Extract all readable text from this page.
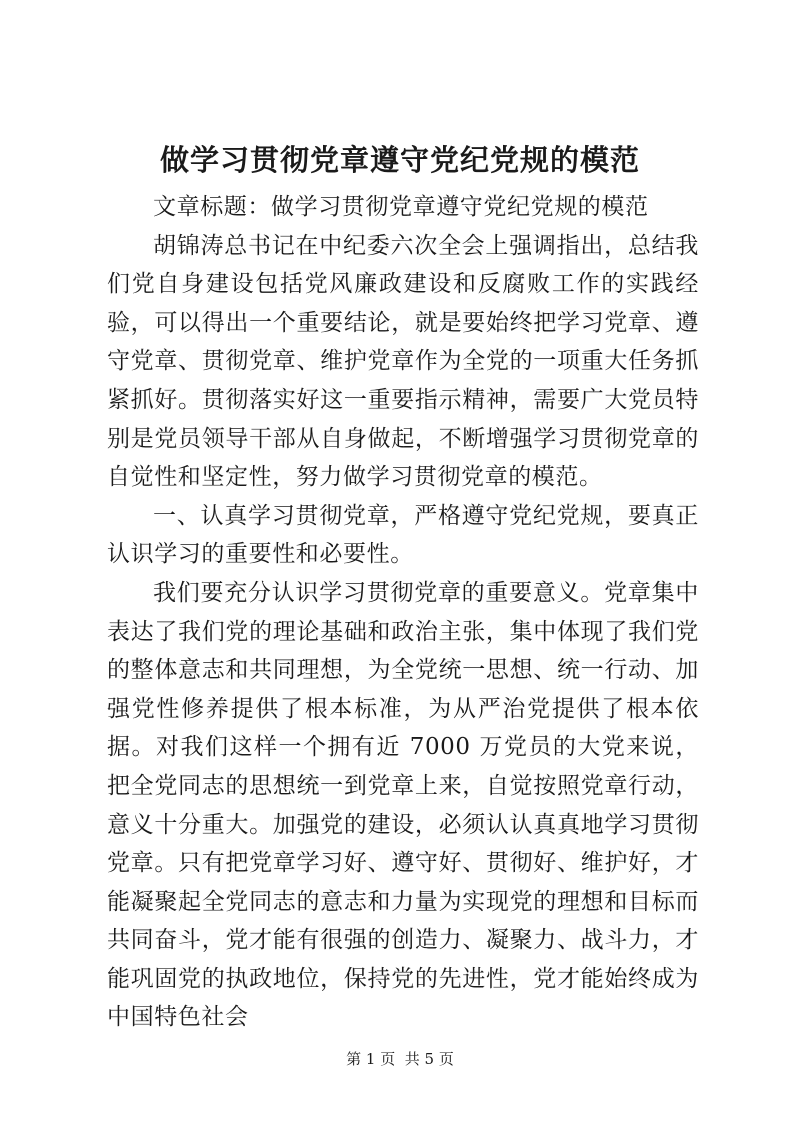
做学习贯彻党章遵守党纪党规的模范

文章标题：做学习贯彻党章遵守党纪党规的模范

胡锦涛总书记在中纪委六次全会上强调指出，总结我们党自身建设包括党风廉政建设和反腐败工作的实践经验，可以得出一个重要结论，就是要始终把学习党章、遵守党章、贯彻党章、维护党章作为全党的一项重大任务抓紧抓好。贯彻落实好这一重要指示精神，需要广大党员特别是党员领导干部从自身做起，不断增强学习贯彻党章的自觉性和坚定性，努力做学习贯彻党章的模范。

一、认真学习贯彻党章，严格遵守党纪党规，要真正认识学习的重要性和必要性。

我们要充分认识学习贯彻党章的重要意义。党章集中表达了我们党的理论基础和政治主张，集中体现了我们党的整体意志和共同理想，为全党统一思想、统一行动、加强党性修养提供了根本标准，为从严治党提供了根本依据。对我们这样一个拥有近 7000 万党员的大党来说，把全党同志的思想统一到党章上来，自觉按照党章行动，意义十分重大。加强党的建设，必须认认真真地学习贯彻党章。只有把党章学习好、遵守好、贯彻好、维护好，才能凝聚起全党同志的意志和力量为实现党的理想和目标而共同奋斗，党才能有很强的创造力、凝聚力、战斗力，才能巩固党的执政地位，保持党的先进性，党才能始终成为中国特色社会

第 1 页  共 5 页
